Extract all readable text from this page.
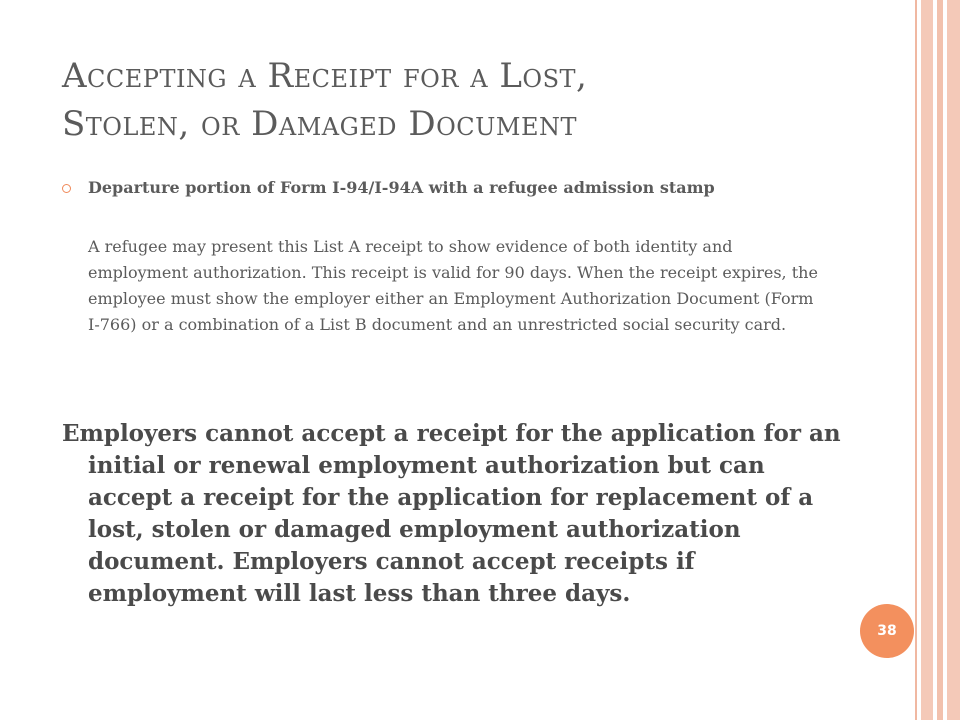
Accepting a Receipt for a Lost,
Stolen, or Damaged Document
Departure portion of Form I-94/I-94A with a refugee admission stamp
A refugee may present this List A receipt to show evidence of both identity and employment authorization. This receipt is valid for 90 days. When the receipt expires, the employee must show the employer either an Employment Authorization Document (Form I-766) or a combination of a List B document and an unrestricted social security card.
Employers cannot accept a receipt for the application for an initial or renewal employment authorization but can accept a receipt for the application for replacement of a lost, stolen or damaged employment authorization document. Employers cannot accept receipts if employment will last less than three days.
38
